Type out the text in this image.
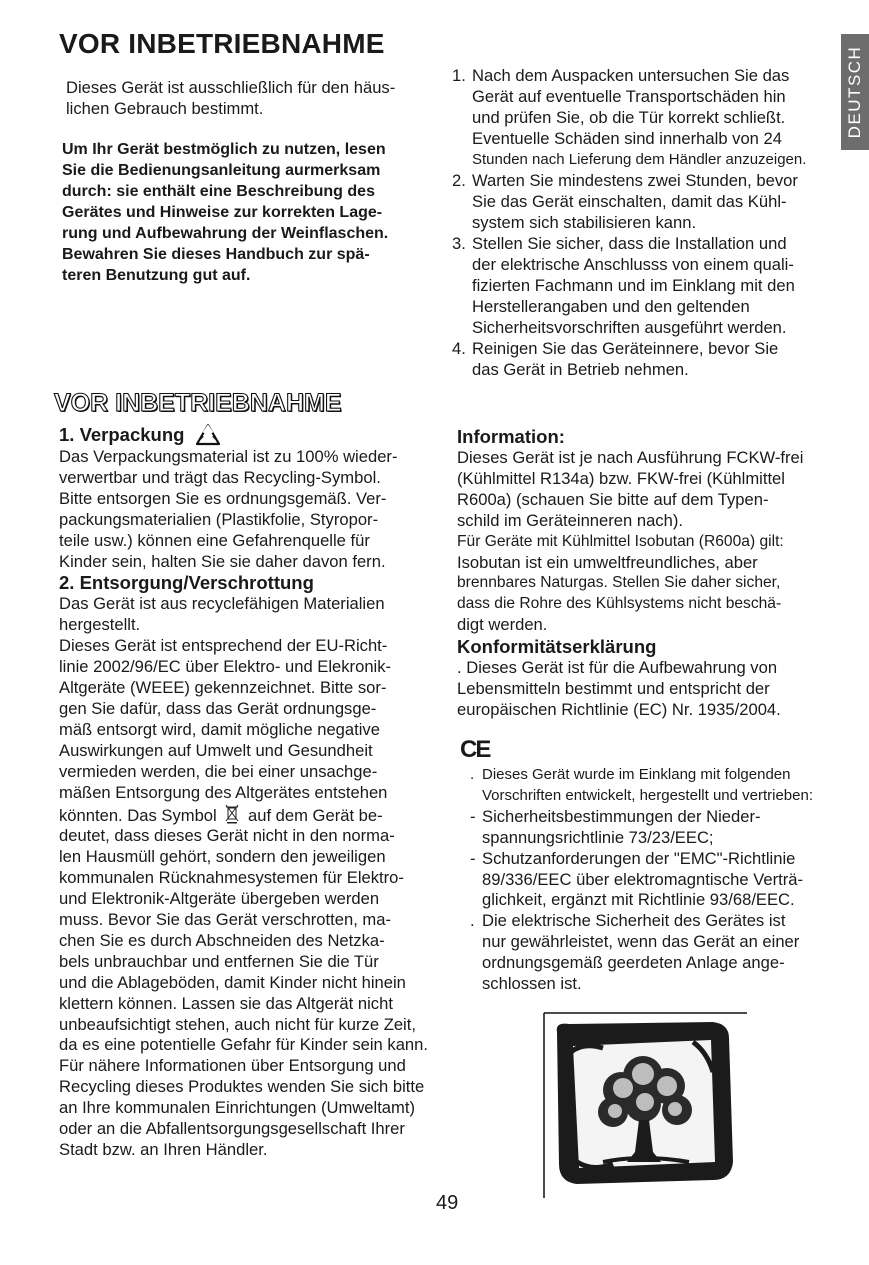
VOR INBETRIEBNAHME
DEUTSCH
Dieses Gerät ist ausschließlich für den häus-
lichen Gebrauch bestimmt.
Um Ihr Gerät bestmöglich zu nutzen, lesen
Sie die Bedienungsanleitung aurmerksam
durch: sie enthält eine Beschreibung des
Gerätes und Hinweise zur korrekten Lage-
rung und Aufbewahrung der Weinflaschen.
Bewahren Sie dieses Handbuch zur spä-
teren Benutzung gut auf.
1. Nach dem Auspacken untersuchen Sie das
Gerät auf eventuelle Transportschäden hin
und prüfen Sie, ob die Tür korrekt schließt.
Eventuelle Schäden sind innerhalb von 24
Stunden nach Lieferung dem Händler anzuzeigen.
2. Warten Sie mindestens zwei Stunden, bevor
Sie das Gerät einschalten, damit das Kühl-
system sich stabilisieren kann.
3. Stellen Sie sicher, dass die Installation und
der elektrische Anschlusss von einem quali-
fizierten Fachmann und im Einklang mit den
Herstellerangaben und den geltenden
Sicherheitsvorschriften ausgeführt werden.
4. Reinigen Sie das Geräteinnere, bevor Sie
das Gerät in Betrieb nehmen.
VOR INBETRIEBNAHME
1. Verpackung
Das Verpackungsmaterial ist zu 100% wieder-
verwertbar und trägt das Recycling-Symbol.
Bitte entsorgen Sie es ordnungsgemäß. Ver-
packungsmaterialien (Plastikfolie, Styropor-
teile usw.) können eine Gefahrenquelle für
Kinder sein, halten Sie sie daher davon fern.
2. Entsorgung/Verschrottung
Das Gerät ist aus recyclefähigen Materialien
hergestellt.
Dieses Gerät ist entsprechend der EU-Richt-
linie 2002/96/EC über Elektro- und Elekronik-
Altgeräte (WEEE) gekennzeichnet. Bitte sor-
gen Sie dafür, dass das Gerät ordnungsge-
mäß entsorgt wird, damit mögliche negative
Auswirkungen auf Umwelt und Gesundheit
vermieden werden, die bei einer unsachge-
mäßen Entsorgung des Altgerätes entstehen
könnten. Das Symbol auf dem Gerät be-
deutet, dass dieses Gerät nicht in den norma-
len Hausmüll gehört, sondern den jeweiligen
kommunalen Rücknahmesystemen für Elektro-
und Elektronik-Altgeräte übergeben werden
muss. Bevor Sie das Gerät verschrotten, ma-
chen Sie es durch Abschneiden des Netzka-
bels unbrauchbar und entfernen Sie die Tür
und die Ablageböden, damit Kinder nicht hinein
klettern können. Lassen sie das Altgerät nicht
unbeaufsichtigt stehen, auch nicht für kurze Zeit,
da es eine potentielle Gefahr für Kinder sein kann.
Für nähere Informationen über Entsorgung und
Recycling dieses Produktes wenden Sie sich bitte
an Ihre kommunalen Einrichtungen (Umweltamt)
oder an die Abfallentsorgungsgesellschaft Ihrer
Stadt bzw. an Ihren Händler.
Information:
Dieses Gerät ist je nach Ausführung FCKW-frei
(Kühlmittel R134a) bzw. FKW-frei (Kühlmittel
R600a) (schauen Sie bitte auf dem Typen-
schild im Geräteinneren nach).
Für Geräte mit Kühlmittel Isobutan (R600a) gilt:
Isobutan ist ein umweltfreundliches, aber
brennbares Naturgas. Stellen Sie daher sicher,
dass die Rohre des Kühlsystems nicht beschä-
digt werden.
Konformitätserklärung
. Dieses Gerät ist für die Aufbewahrung von
Lebensmitteln bestimmt und entspricht der
europäischen Richtlinie (EC) Nr. 1935/2004.
CE
. Dieses Gerät wurde im Einklang mit folgenden
Vorschriften entwickelt, hergestellt und vertrieben:
- Sicherheitsbestimmungen der Nieder-
spannungsrichtlinie 73/23/EEC;
- Schutzanforderungen der "EMC"-Richtlinie
89/336/EEC über elektromagntische Verträ-
glichkeit, ergänzt mit Richtlinie 93/68/EEC.
. Die elektrische Sicherheit des Gerätes ist
nur gewährleistet, wenn das Gerät an einer
ordnungsgemäß geerdeten Anlage ange-
schlossen ist.
49
